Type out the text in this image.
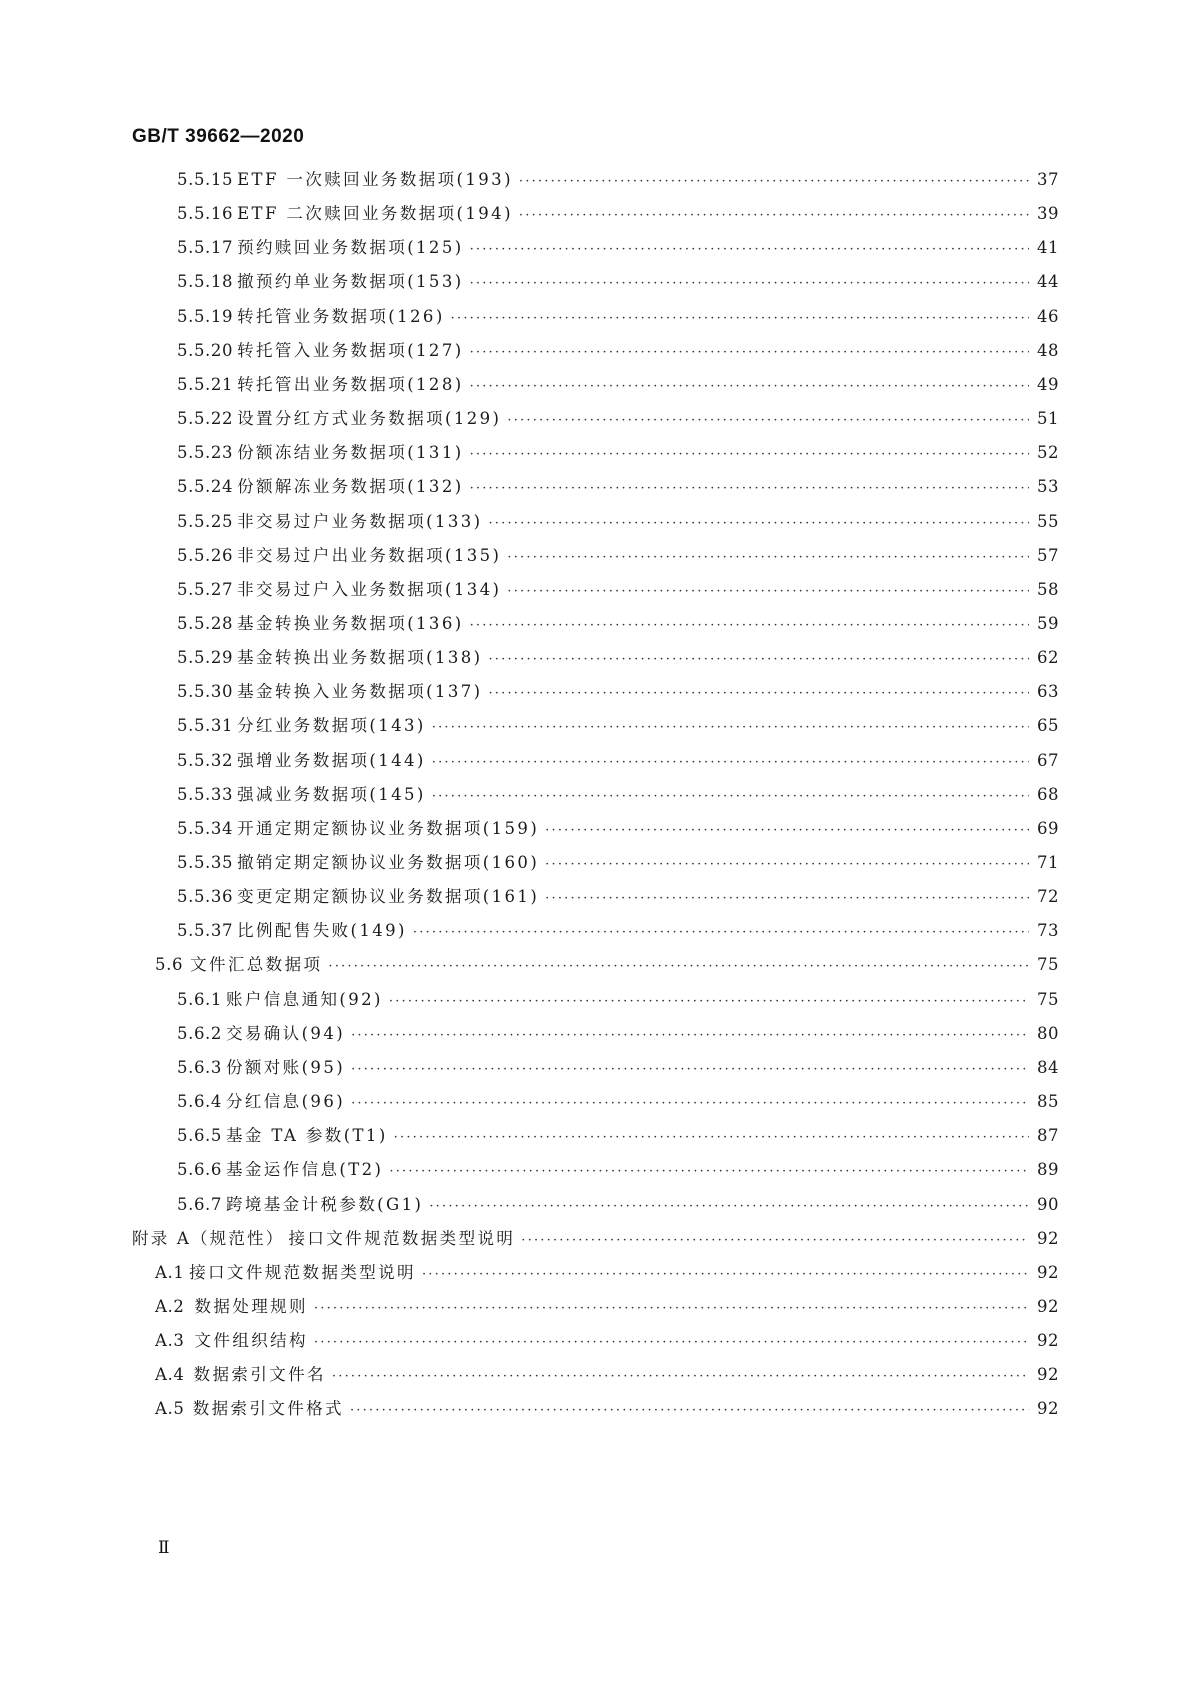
GB/T 39662—2020
5.5.15 ETF 一次赎回业务数据项(193) ·····	37
5.5.16 ETF 二次赎回业务数据项(194) ·····	39
5.5.17 预约赎回业务数据项(125) ·····	41
5.5.18 撤预约单业务数据项(153) ·····	44
5.5.19 转托管业务数据项(126) ·····	46
5.5.20 转托管入业务数据项(127) ·····	48
5.5.21 转托管出业务数据项(128) ·····	49
5.5.22 设置分红方式业务数据项(129) ·····	51
5.5.23 份额冻结业务数据项(131) ·····	52
5.5.24 份额解冻业务数据项(132) ·····	53
5.5.25 非交易过户业务数据项(133) ·····	55
5.5.26 非交易过户出业务数据项(135) ·····	57
5.5.27 非交易过户入业务数据项(134) ·····	58
5.5.28 基金转换业务数据项(136) ·····	59
5.5.29 基金转换出业务数据项(138) ·····	62
5.5.30 基金转换入业务数据项(137) ·····	63
5.5.31 分红业务数据项(143) ·····	65
5.5.32 强增业务数据项(144) ·····	67
5.5.33 强减业务数据项(145) ·····	68
5.5.34 开通定期定额协议业务数据项(159) ·····	69
5.5.35 撤销定期定额协议业务数据项(160) ·····	71
5.5.36 变更定期定额协议业务数据项(161) ·····	72
5.5.37 比例配售失败(149) ·····	73
5.6 文件汇总数据项 ·····	75
5.6.1 账户信息通知(92) ·····	75
5.6.2 交易确认(94) ·····	80
5.6.3 份额对账(95) ·····	84
5.6.4 分红信息(96) ·····	85
5.6.5 基金 TA 参数(T1) ·····	87
5.6.6 基金运作信息(T2) ·····	89
5.6.7 跨境基金计税参数(G1) ·····	90
附录 A（规范性） 接口文件规范数据类型说明 ·····	92
A.1 接口文件规范数据类型说明 ·····	92
A.2 数据处理规则 ·····	92
A.3 文件组织结构 ·····	92
A.4 数据索引文件名 ·····	92
A.5 数据索引文件格式 ·····	92
Ⅱ
